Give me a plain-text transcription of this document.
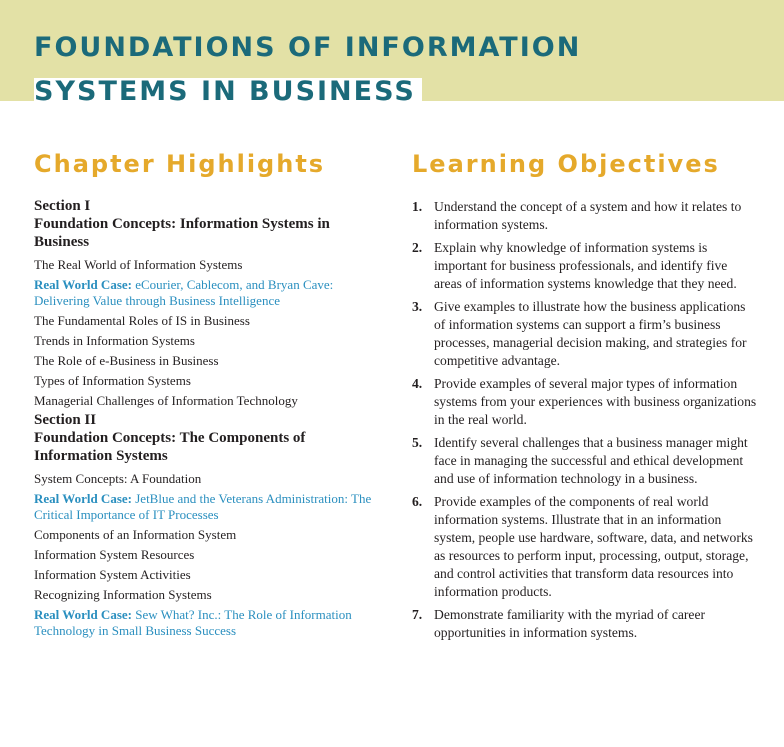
FOUNDATIONS OF INFORMATION
SYSTEMS IN BUSINESS
Chapter Highlights	Learning Objectives
Section I
Foundation Concepts: Information Systems in Business
The Real World of Information Systems
Real World Case: eCourier, Cablecom, and Bryan Cave: Delivering Value through Business Intelligence
The Fundamental Roles of IS in Business
Trends in Information Systems
The Role of e-Business in Business
Types of Information Systems
Managerial Challenges of Information Technology
Section II
Foundation Concepts: The Components of Information Systems
System Concepts: A Foundation
Real World Case: JetBlue and the Veterans Administration: The Critical Importance of IT Processes
Components of an Information System
Information System Resources
Information System Activities
Recognizing Information Systems
Real World Case: Sew What? Inc.: The Role of Information Technology in Small Business Success
1. Understand the concept of a system and how it relates to information systems.
2. Explain why knowledge of information systems is important for business professionals, and identify five areas of information systems knowledge that they need.
3. Give examples to illustrate how the business applications of information systems can support a firm’s business processes, managerial decision making, and strategies for competitive advantage.
4. Provide examples of several major types of information systems from your experiences with business organizations in the real world.
5. Identify several challenges that a business manager might face in managing the successful and ethical development and use of information technology in a business.
6. Provide examples of the components of real world information systems. Illustrate that in an information system, people use hardware, software, data, and networks as resources to perform input, processing, output, storage, and control activities that transform data resources into information products.
7. Demonstrate familiarity with the myriad of career opportunities in information systems.
